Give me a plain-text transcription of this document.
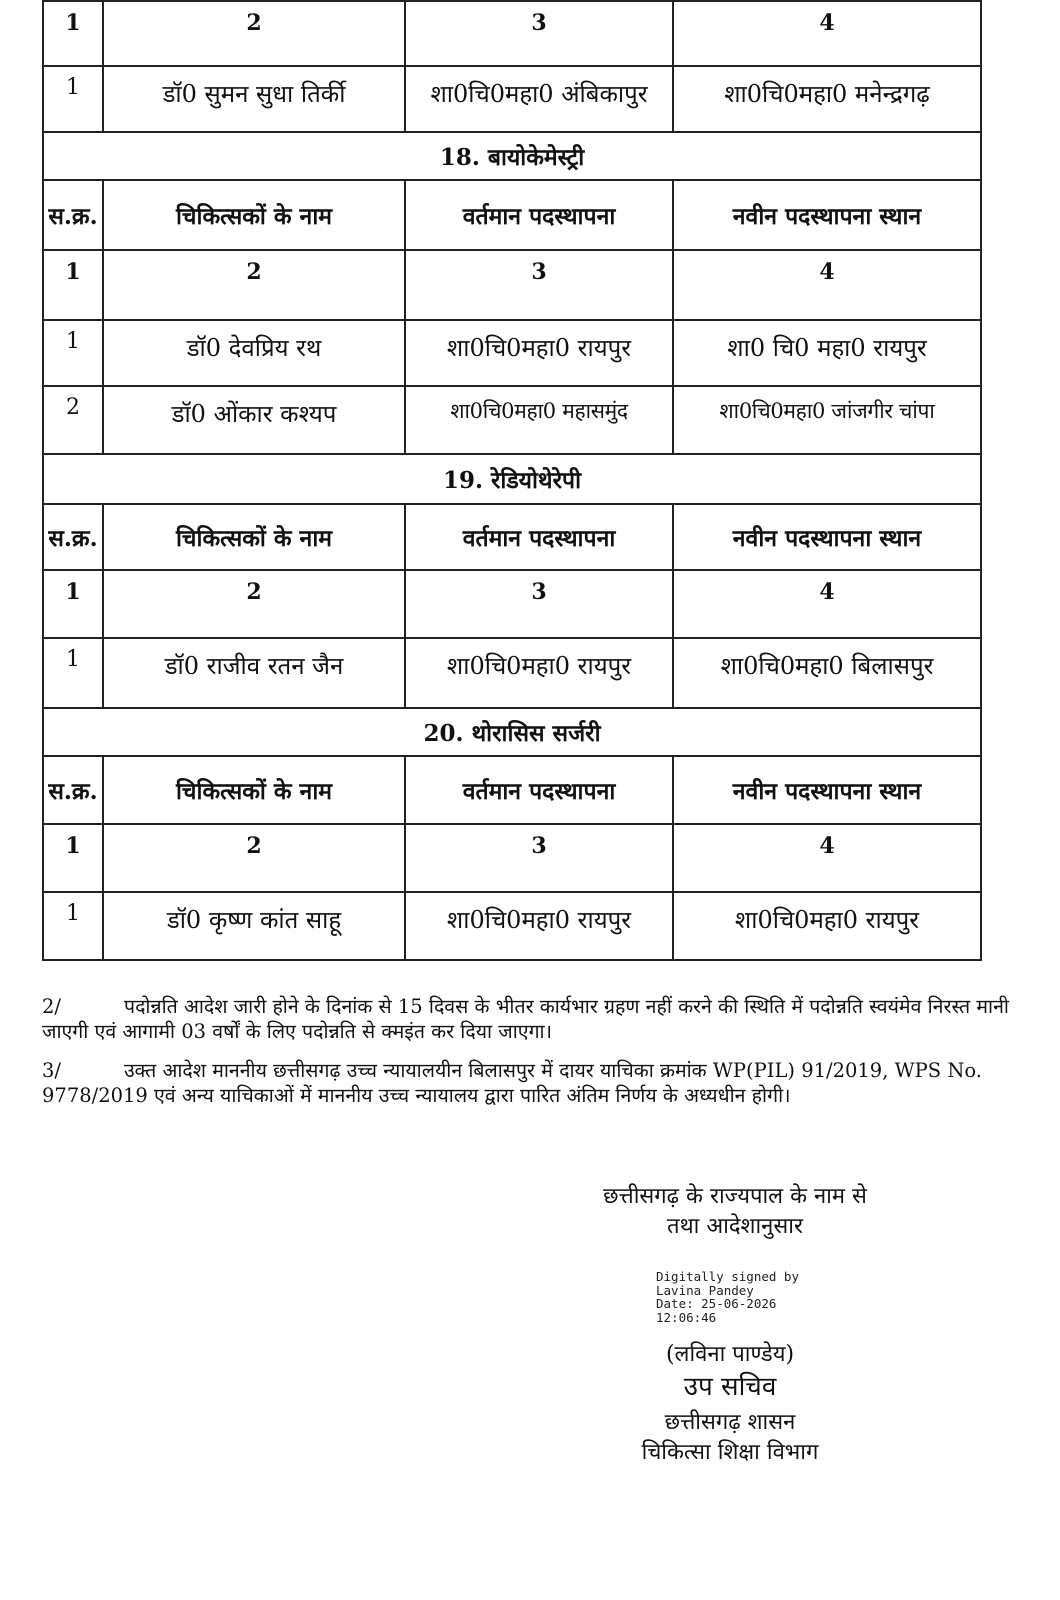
1	2	3	4
1	डॉ0 सुमन सुधा तिर्की	शा0चि0महा0 अंबिकापुर	शा0चि0महा0 मनेन्द्रगढ़
18. बायोकेमेस्ट्री			
स.क्र.	चिकित्सकों के नाम	वर्तमान पदस्थापना	नवीन पदस्थापना स्थान
1	2	3	4
1	डॉ0 देवप्रिय रथ	शा0चि0महा0 रायपुर	शा0 चि0 महा0 रायपुर
2	डॉ0 ओंकार कश्यप	शा0चि0महा0 महासमुंद	शा0चि0महा0 जांजगीर चांपा
19. रेडियोथेरेपी			
स.क्र.	चिकित्सकों के नाम	वर्तमान पदस्थापना	नवीन पदस्थापना स्थान
1	2	3	4
1	डॉ0 राजीव रतन जैन	शा0चि0महा0 रायपुर	शा0चि0महा0 बिलासपुर
20. थोरासिस सर्जरी			
स.क्र.	चिकित्सकों के नाम	वर्तमान पदस्थापना	नवीन पदस्थापना स्थान
1	2	3	4
1	डॉ0 कृष्ण कांत साहू	शा0चि0महा0 रायपुर	शा0चि0महा0 रायपुर

2/	पदोन्नति आदेश जारी होने के दिनांक से 15 दिवस के भीतर कार्यभार ग्रहण नहीं करने की स्थिति में पदोन्नति स्वयंमेव निरस्त मानी जाएगी एवं आगामी 03 वर्षों के लिए पदोन्नति से क्मइंत कर दिया जाएगा।

3/	उक्त आदेश माननीय छत्तीसगढ़ उच्च न्यायालयीन बिलासपुर में दायर याचिका क्रमांक WP(PIL) 91/2019, WPS No. 9778/2019 एवं अन्य याचिकाओं में माननीय उच्च न्यायालय द्वारा पारित अंतिम निर्णय के अध्यधीन होगी।

छत्तीसगढ़ के राज्यपाल के नाम से

तथा आदेशानुसार

Digitally signed by
Lavina Pandey
Date: 25-06-2026
12:06:46

(लविना पाण्डेय)

उप सचिव

छत्तीसगढ़ शासन

चिकित्सा शिक्षा विभाग
